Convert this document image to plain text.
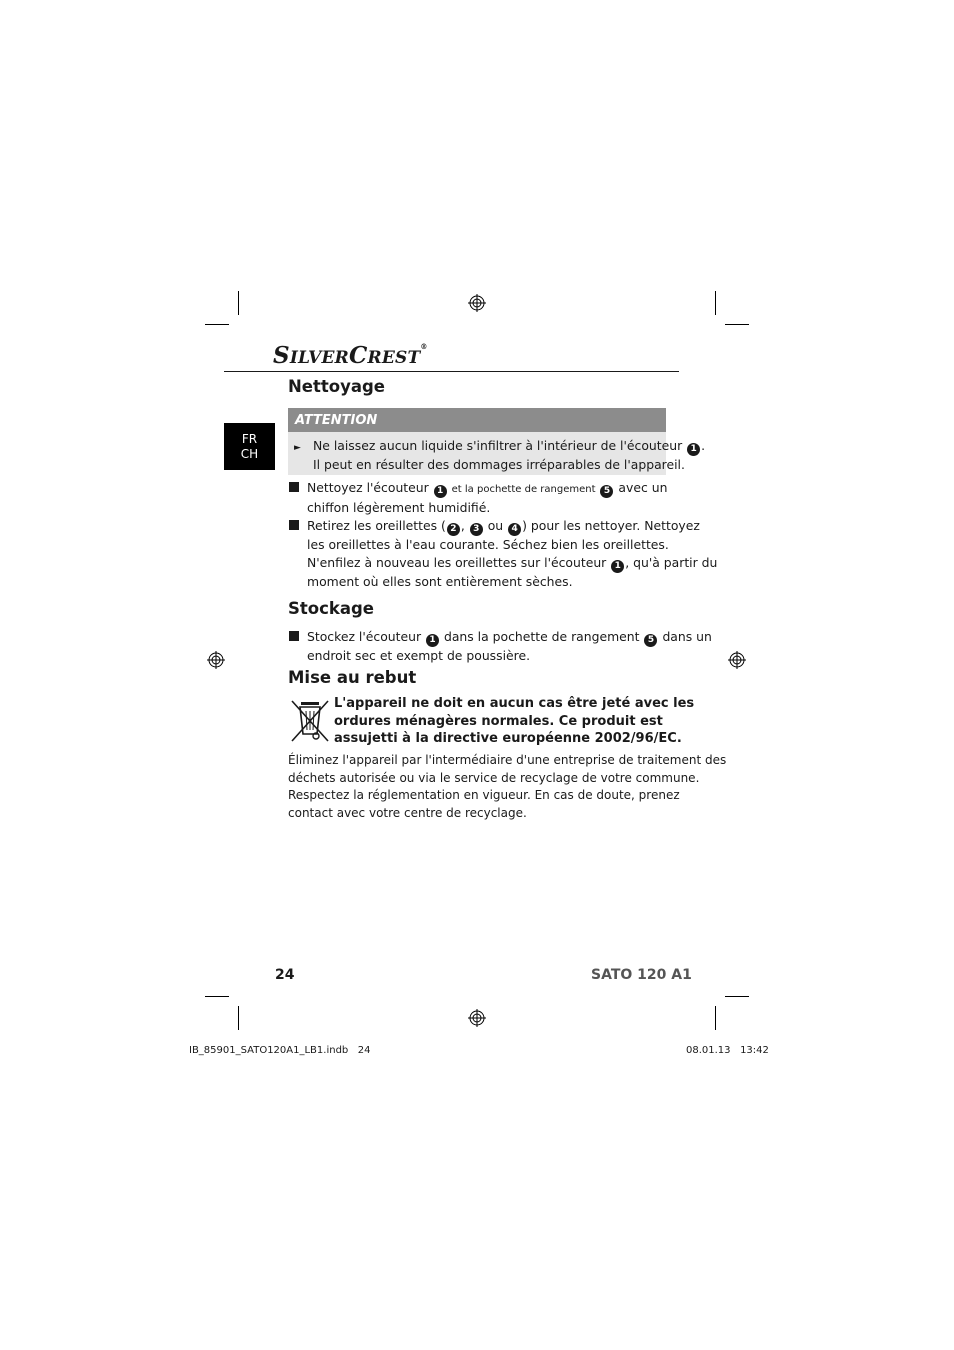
SILVERCREST®
FR
CH
Nettoyage
ATTENTION
► Ne laissez aucun liquide s'infiltrer à l'intérieur de l'écouteur 1 .
Il peut en résulter des dommages irréparables de l'appareil.
Nettoyez l'écouteur 1 et la pochette de rangement 5 avec un
chiffon légèrement humidifié.
Retirez les oreillettes ( 2 , 3 ou 4 ) pour les nettoyer. Nettoyez
les oreillettes à l'eau courante. Séchez bien les oreillettes.
N'enfilez à nouveau les oreillettes sur l'écouteur 1 , qu'à partir du
moment où elles sont entièrement sèches.
Stockage
Stockez l'écouteur 1 dans la pochette de rangement 5 dans un
endroit sec et exempt de poussière.
Mise au rebut
L'appareil ne doit en aucun cas être jeté avec les
ordures ménagères normales. Ce produit est
assujetti à la directive européenne 2002/96/EC.
Éliminez l'appareil par l'intermédiaire d'une entreprise de traitement des
déchets autorisée ou via le service de recyclage de votre commune.
Respectez la réglementation en vigueur. En cas de doute, prenez
contact avec votre centre de recyclage.
24	SATO 120 A1
IB_85901_SATO120A1_LB1.indb   24	08.01.13   13:42
